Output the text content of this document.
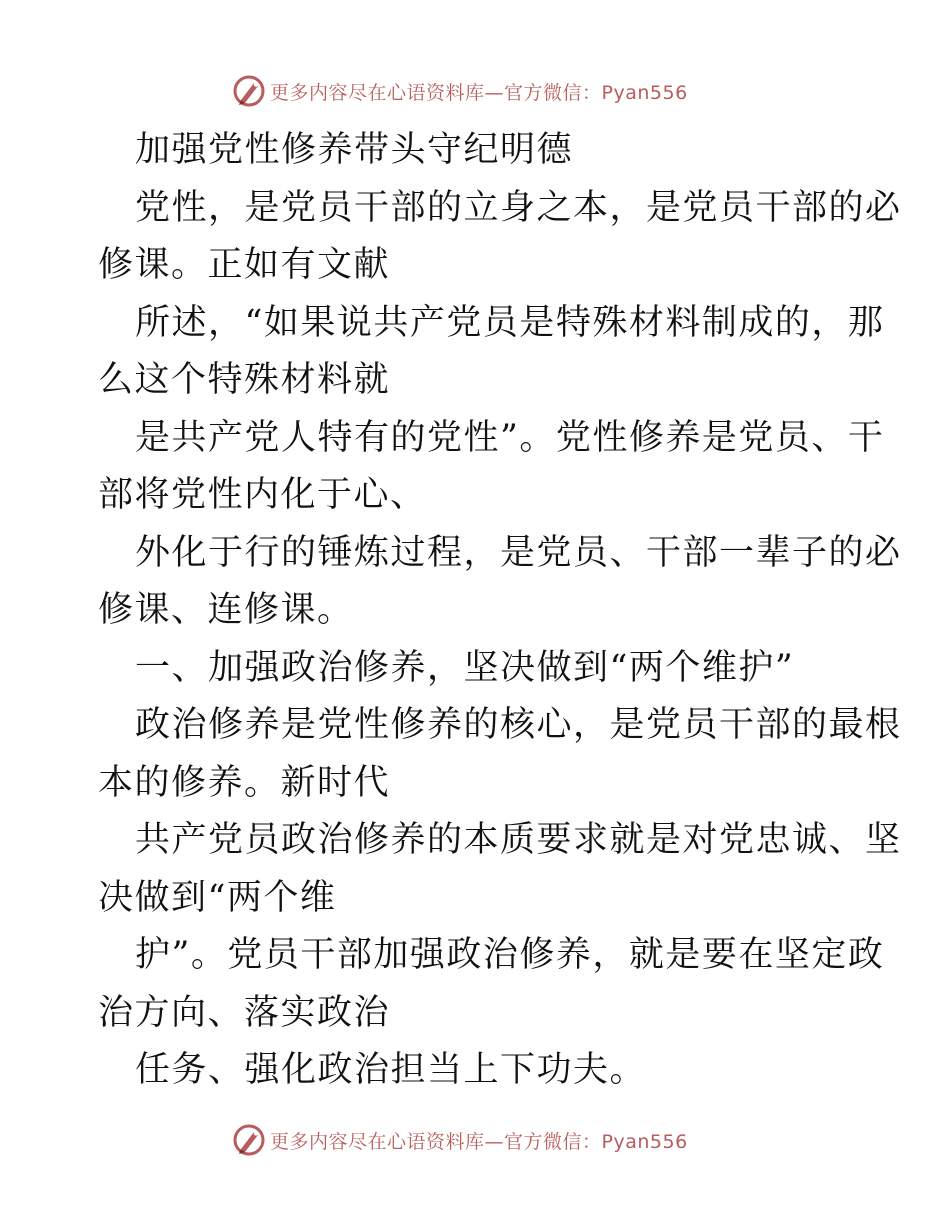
更多内容尽在心语资料库—官方微信：Pyan556
加强党性修养带头守纪明德
党性，是党员干部的立身之本，是党员干部的必
修课。正如有文献
所述，“如果说共产党员是特殊材料制成的，那
么这个特殊材料就
是共产党人特有的党性”。党性修养是党员、干
部将党性内化于心、
外化于行的锤炼过程，是党员、干部一辈子的必
修课、连修课。
一、加强政治修养，坚决做到“两个维护”
政治修养是党性修养的核心，是党员干部的最根
本的修养。新时代
共产党员政治修养的本质要求就是对党忠诚、坚
决做到“两个维
护”。党员干部加强政治修养，就是要在坚定政
治方向、落实政治
任务、强化政治担当上下功夫。
更多内容尽在心语资料库—官方微信：Pyan556
